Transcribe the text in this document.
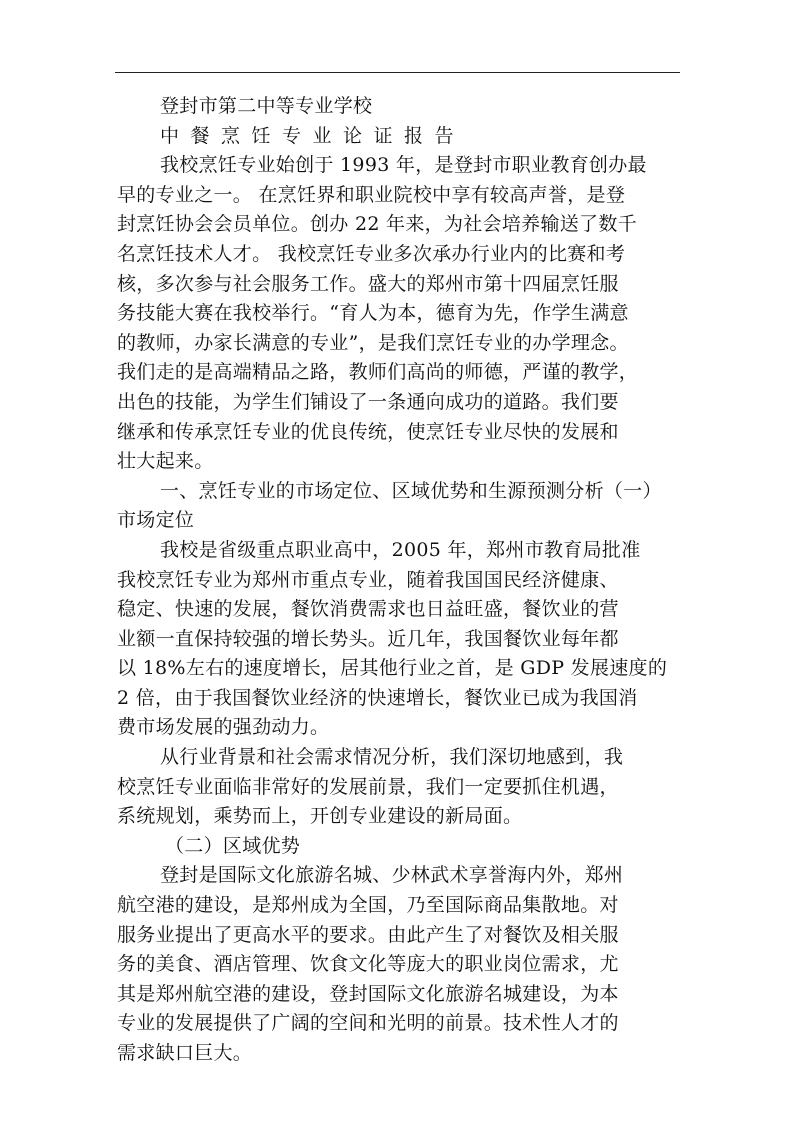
登封市第二中等专业学校
中餐烹饪专业论证报告
我校烹饪专业始创于 1993 年，是登封市职业教育创办最
早的专业之一。 在烹饪界和职业院校中享有较高声誉，是登
封烹饪协会会员单位。创办 22 年来，为社会培养输送了数千
名烹饪技术人才。 我校烹饪专业多次承办行业内的比赛和考
核，多次参与社会服务工作。盛大的郑州市第十四届烹饪服
务技能大赛在我校举行。“育人为本，德育为先，作学生满意
的教师，办家长满意的专业”，是我们烹饪专业的办学理念。
我们走的是高端精品之路，教师们高尚的师德，严谨的教学，
出色的技能，为学生们铺设了一条通向成功的道路。我们要
继承和传承烹饪专业的优良传统，使烹饪专业尽快的发展和
壮大起来。
一、烹饪专业的市场定位、区域优势和生源预测分析（一）
市场定位
我校是省级重点职业高中，2005 年，郑州市教育局批准
我校烹饪专业为郑州市重点专业，随着我国国民经济健康、
稳定、快速的发展，餐饮消费需求也日益旺盛，餐饮业的营
业额一直保持较强的增长势头。近几年，我国餐饮业每年都
以 18%左右的速度增长，居其他行业之首，是 GDP 发展速度的
2 倍，由于我国餐饮业经济的快速增长，餐饮业已成为我国消
费市场发展的强劲动力。
从行业背景和社会需求情况分析，我们深切地感到，我
校烹饪专业面临非常好的发展前景，我们一定要抓住机遇，
系统规划，乘势而上，开创专业建设的新局面。
（二）区域优势
登封是国际文化旅游名城、少林武术享誉海内外，郑州
航空港的建设，是郑州成为全国，乃至国际商品集散地。对
服务业提出了更高水平的要求。由此产生了对餐饮及相关服
务的美食、酒店管理、饮食文化等庞大的职业岗位需求，尤
其是郑州航空港的建设，登封国际文化旅游名城建设，为本
专业的发展提供了广阔的空间和光明的前景。技术性人才的
需求缺口巨大。
